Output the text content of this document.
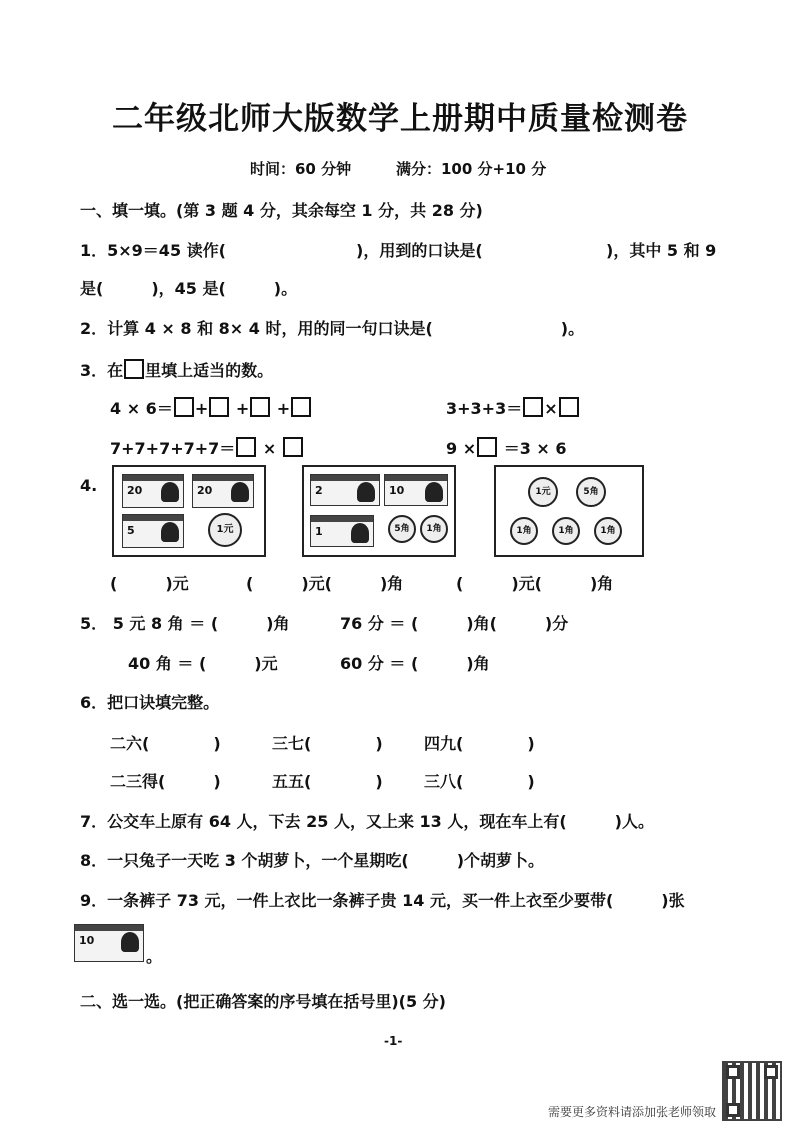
二年级北师大版数学上册期中质量检测卷
时间：60 分钟	满分：100 分+10 分
一、填一填。(第 3 题 4 分，其余每空 1 分，共 28 分)
1．5×9＝45 读作(	)，用到的口诀是(	)，其中 5 和 9
是(　　　)，45 是(　　　)。
2．计算 4 × 8 和 8× 4 时，用的同一句口诀是(　　　　　　　　)。
3．在 里填上适当的数。
4 × 6＝ + + +	3+3+3＝ ×
7+7+7+7+7＝ ×	9 × ＝3 × 6
4.	20	20
5	1元
2	10
1	5角	1角
1元	5角
1角	1角	1角
(　　　)元	(　　　)元(　　　)角	(　　　)元(　　　)角
5． 5 元 8 角 ＝ (　　　)角	76 分 ＝ (　　　)角(　　　)分
40 角 ＝ (　　　)元	60 分 ＝ (　　　)角
6．把口诀填完整。
二六(　　　　)	三七(　　　　)	四九(　　　　)
二三得(　　　)	五五(　　　　)	三八(　　　　)
7．公交车上原有 64 人，下去 25 人，又上来 13 人，现在车上有(　　　)人。
8．一只兔子一天吃 3 个胡萝卜，一个星期吃(　　　)个胡萝卜。
9．一条裤子 73 元，一件上衣比一条裤子贵 14 元，买一件上衣至少要带(　　　)张
10
。
二、选一选。(把正确答案的序号填在括号里)(5 分)
-1-
需要更多资料请添加张老师领取
